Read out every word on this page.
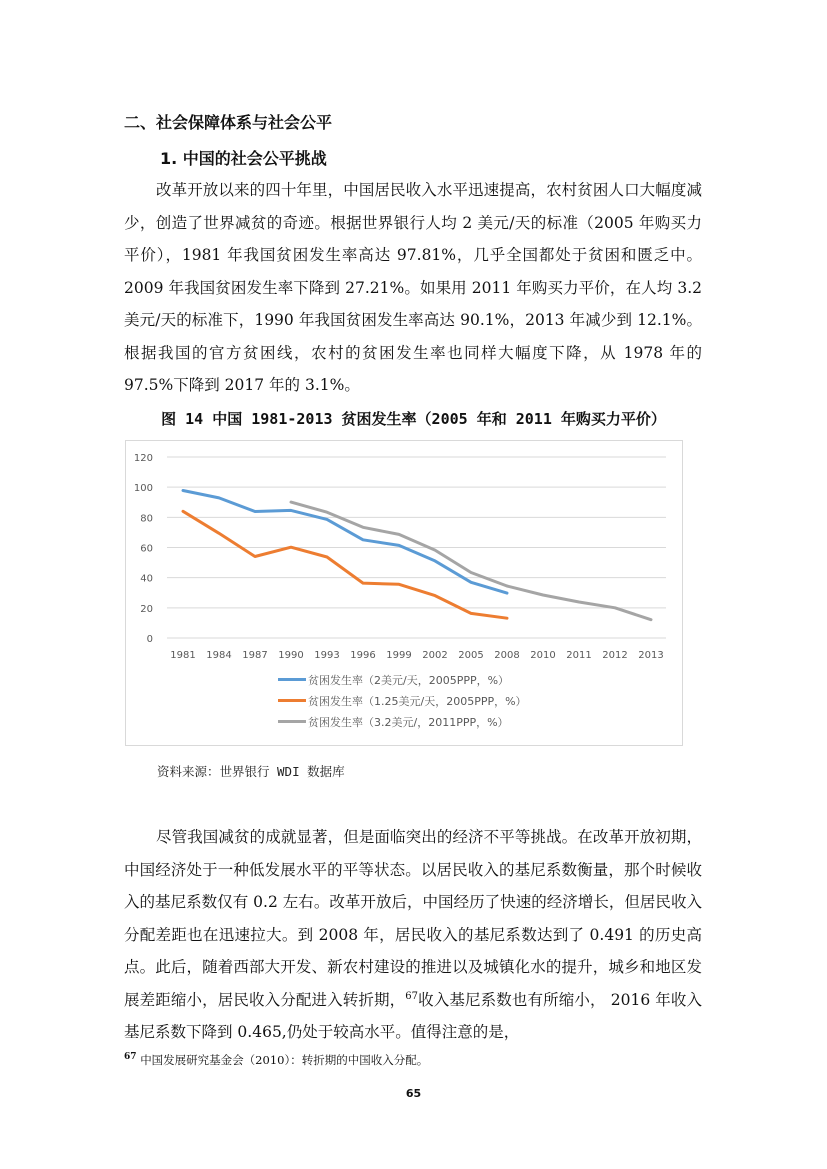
二、社会保障体系与社会公平
1. 中国的社会公平挑战

改革开放以来的四十年里，中国居民收入水平迅速提高，农村贫困人口大幅度减少，创造了世界减贫的奇迹。根据世界银行人均 2 美元/天的标准（2005 年购买力平价），1981 年我国贫困发生率高达 97.81%，几乎全国都处于贫困和匮乏中。2009 年我国贫困发生率下降到 27.21%。如果用 2011 年购买力平价，在人均 3.2 美元/天的标准下，1990 年我国贫困发生率高达 90.1%，2013 年减少到 12.1%。根据我国的官方贫困线，农村的贫困发生率也同样大幅度下降，从 1978 年的 97.5%下降到 2017 年的 3.1%。

图 14 中国 1981-2013 贫困发生率（2005 年和 2011 年购买力平价）
0
20
40
60
80
100
120
1981 1984 1987 1990 1993 1996 1999 2002 2005 2008 2010 2011 2012 2013
贫困发生率（2美元/天，2005PPP，%）
贫困发生率（1.25美元/天，2005PPP，%）
贫困发生率（3.2美元/，2011PPP，%）
资料来源：世界银行 WDI 数据库

尽管我国减贫的成就显著，但是面临突出的经济不平等挑战。在改革开放初期，中国经济处于一种低发展水平的平等状态。以居民收入的基尼系数衡量，那个时候收入的基尼系数仅有 0.2 左右。改革开放后，中国经历了快速的经济增长，但居民收入分配差距也在迅速拉大。到 2008 年，居民收入的基尼系数达到了 0.491 的历史高点。此后，随着西部大开发、新农村建设的推进以及城镇化水的提升，城乡和地区发展差距缩小，居民收入分配进入转折期，$^{67}$收入基尼系数也有所缩小， 2016 年收入基尼系数下降到 0.465,仍处于较高水平。值得注意的是，

$^{67}$ 中国发展研究基金会（2010）：转折期的中国收入分配。
65
